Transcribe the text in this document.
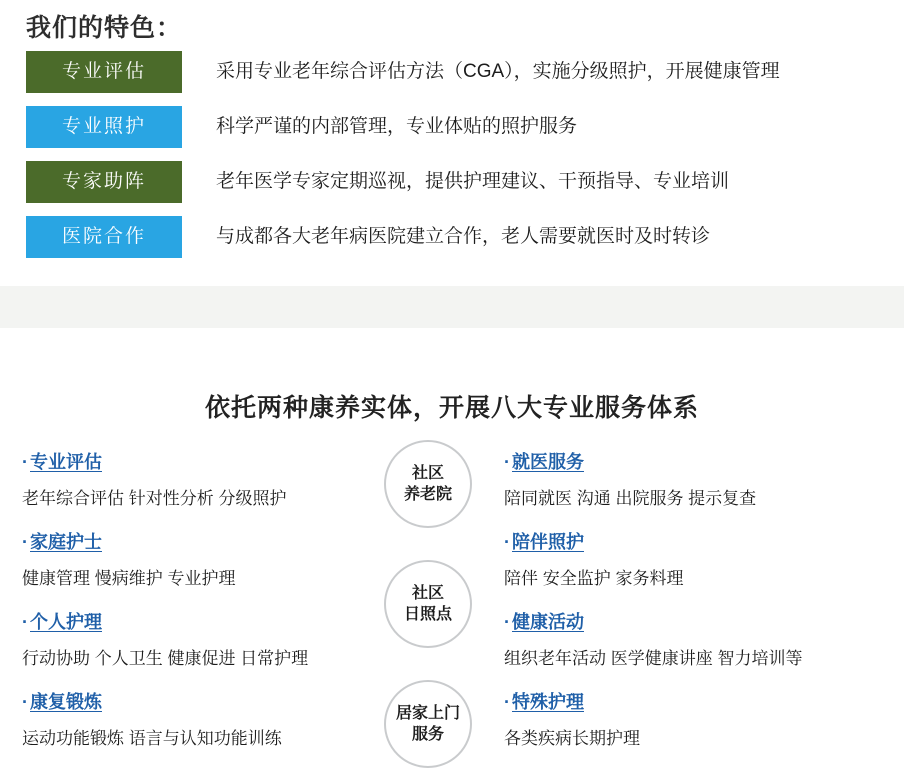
我们的特色：
专业评估	采用专业老年综合评估方法（CGA），实施分级照护，开展健康管理
专业照护	科学严谨的内部管理，专业体贴的照护服务
专家助阵	老年医学专家定期巡视，提供护理建议、干预指导、专业培训
医院合作	与成都各大老年病医院建立合作，老人需要就医时及时转诊
依托两种康养实体，开展八大专业服务体系
· 专业评估
老年综合评估 针对性分析 分级照护
· 家庭护士
健康管理 慢病维护 专业护理
· 个人护理
行动协助 个人卫生 健康促进 日常护理
· 康复锻炼
运动功能锻炼 语言与认知功能训练
社区
养老院
社区
日照点
居家上门
服务
· 就医服务
陪同就医 沟通 出院服务 提示复查
· 陪伴照护
陪伴 安全监护 家务料理
· 健康活动
组织老年活动 医学健康讲座 智力培训等
· 特殊护理
各类疾病长期护理
